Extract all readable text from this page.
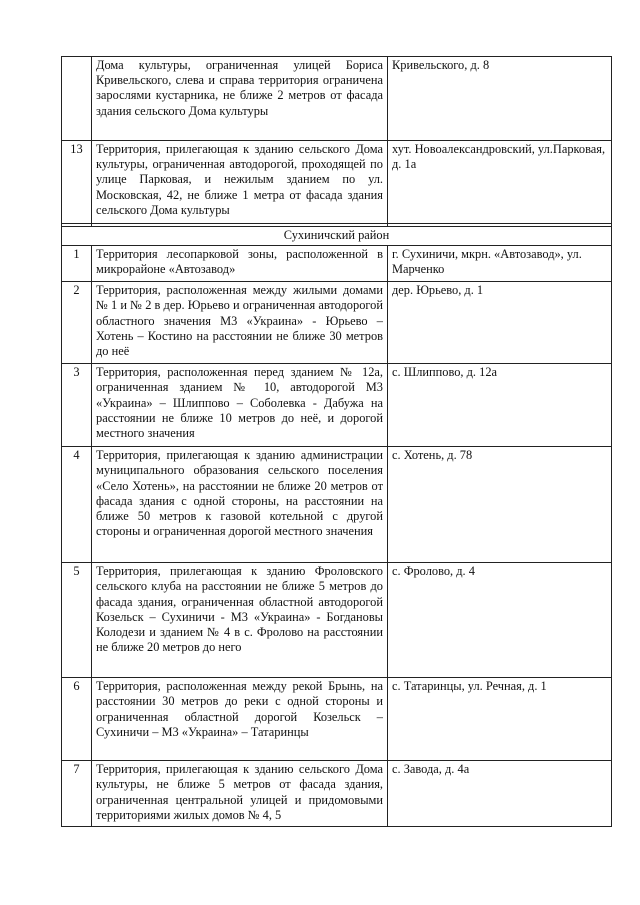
	Дома культуры, ограниченная улицей Бориса Кривельского, слева и справа территория ограничена зарослями кустарника, не ближе 2 метров от фасада здания сельского Дома культуры	Кривельского, д. 8
13	Территория, прилегающая к зданию сельского Дома культуры, ограниченная автодорогой, проходящей по улице Парковая, и нежилым зданием по ул. Московская, 42, не ближе 1 метра от фасада здания сельского Дома культуры	хут. Новоалександровский, ул.Парковая, д. 1а

Сухиничский район		
1	Территория лесопарковой зоны, расположенной в микрорайоне «Автозавод»	г. Сухиничи, мкрн. «Автозавод», ул. Марченко
2	Территория, расположенная между жилыми домами № 1 и № 2 в дер. Юрьево и ограниченная автодорогой областного значения М3 «Украина» - Юрьево – Хотень – Костино на расстоянии не ближе 30 метров до неё	дер. Юрьево, д. 1
3	Территория, расположенная перед зданием № 12а, ограниченная зданием № 10, автодорогой М3 «Украина» – Шлиппово – Соболевка - Дабужа на расстоянии не ближе 10 метров до неё, и дорогой местного значения	с. Шлиппово, д. 12а
4	Территория, прилегающая к зданию администрации муниципального образования сельского поселения «Село Хотень», на расстоянии не ближе 20 метров от фасада здания с одной стороны, на расстоянии на ближе 50 метров к газовой котельной с другой стороны и ограниченная дорогой местного значения	с. Хотень, д. 78
5	Территория, прилегающая к зданию Фроловского сельского клуба на расстоянии не ближе 5 метров до фасада здания, ограниченная областной автодорогой Козельск – Сухиничи - М3 «Украина» - Богдановы Колодези и зданием № 4 в с. Фролово на расстоянии не ближе 20 метров до него	с. Фролово, д. 4
6	Территория, расположенная между рекой Брынь, на расстоянии 30 метров до реки с одной стороны и ограниченная областной дорогой Козельск – Сухиничи – М3 «Украина» – Татаринцы	с. Татаринцы, ул. Речная, д. 1
7	Территория, прилегающая к зданию сельского Дома культуры, не ближе 5 метров от фасада здания, ограниченная центральной улицей и придомовыми территориями жилых домов № 4, 5	с. Завода, д. 4а
